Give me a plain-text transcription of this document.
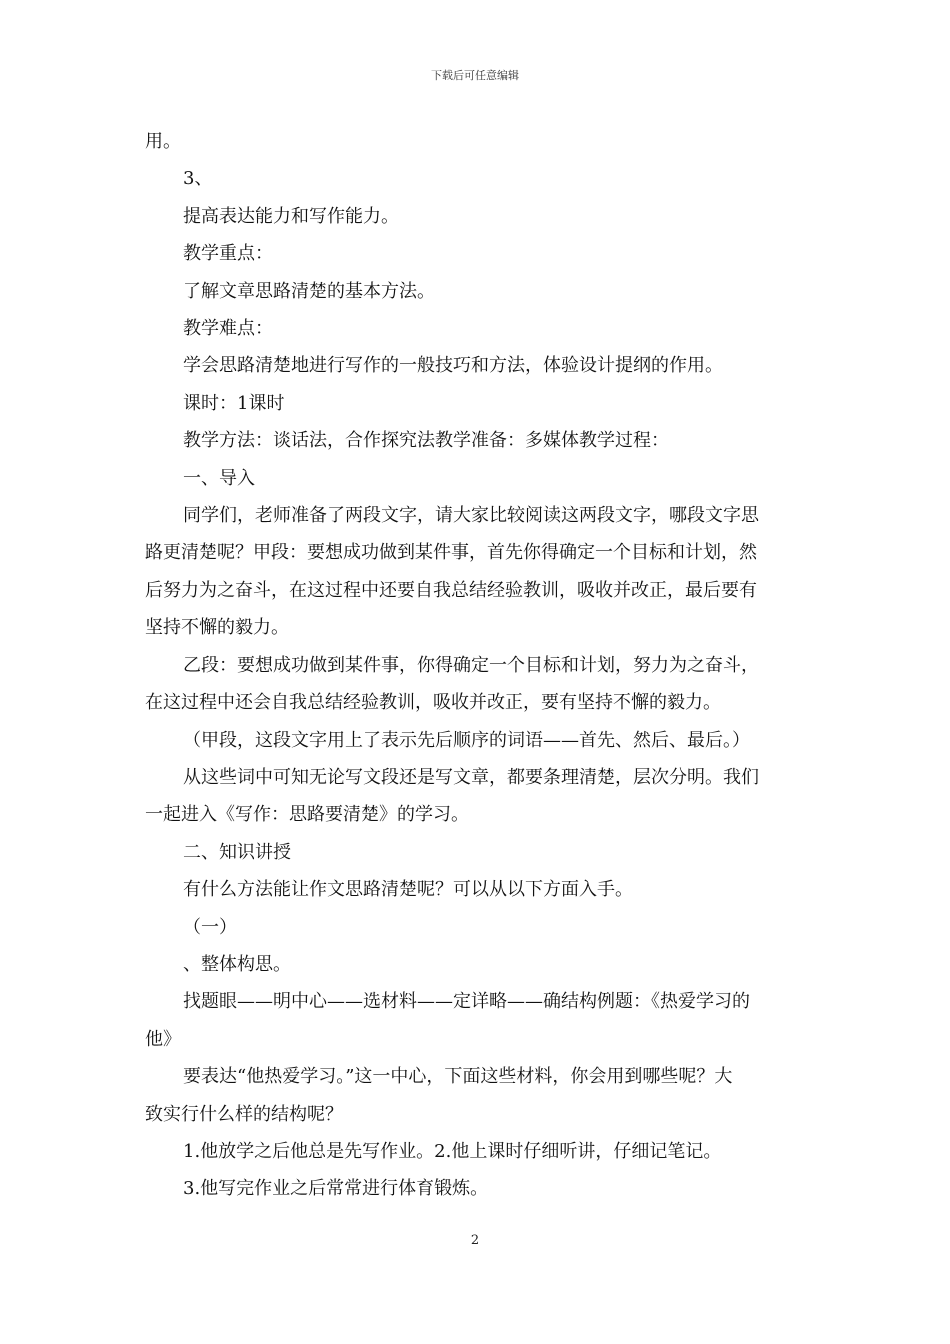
下载后可任意编辑
用。
3、
提高表达能力和写作能力。
教学重点：
了解文章思路清楚的基本方法。
教学难点：
学会思路清楚地进行写作的一般技巧和方法，体验设计提纲的作用。
课时：1课时
教学方法：谈话法，合作探究法教学准备：多媒体教学过程：
一、导入
同学们，老师准备了两段文字，请大家比较阅读这两段文字，哪段文字思
路更清楚呢？甲段：要想成功做到某件事，首先你得确定一个目标和计划，然
后努力为之奋斗，在这过程中还要自我总结经验教训，吸收并改正，最后要有
坚持不懈的毅力。
乙段：要想成功做到某件事，你得确定一个目标和计划，努力为之奋斗，
在这过程中还会自我总结经验教训，吸收并改正，要有坚持不懈的毅力。
（甲段，这段文字用上了表示先后顺序的词语——首先、然后、最后。）
从这些词中可知无论写文段还是写文章，都要条理清楚，层次分明。我们
一起进入《写作：思路要清楚》的学习。
二、知识讲授
有什么方法能让作文思路清楚呢？可以从以下方面入手。
（一）
、整体构思。
找题眼——明中心——选材料——定详略——确结构例题：《热爱学习的
他》
要表达“他热爱学习。”这一中心，下面这些材料，你会用到哪些呢？大
致实行什么样的结构呢？
1.他放学之后他总是先写作业。2.他上课时仔细听讲，仔细记笔记。
3.他写完作业之后常常进行体育锻炼。
2
